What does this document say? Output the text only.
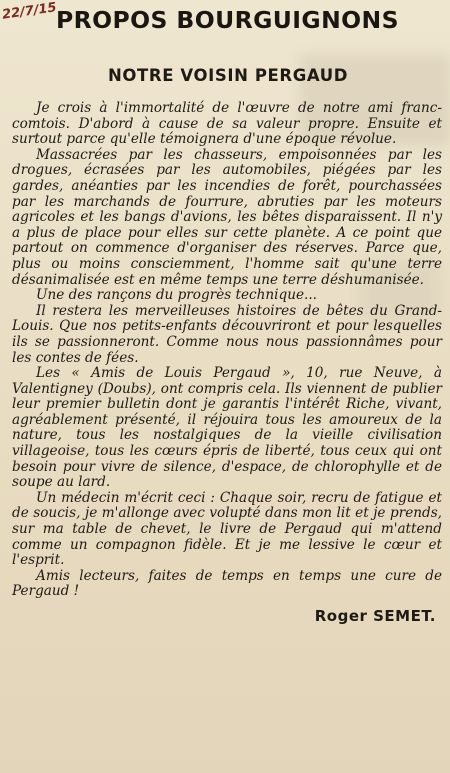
22/7/15
PROPOS BOURGUIGNONS
NOTRE VOISIN PERGAUD

Je crois à l'immortalité de l'œuvre de notre ami franc-comtois. D'abord à cause de sa valeur propre. Ensuite et surtout parce qu'elle témoignera d'une époque révolue.

Massacrées par les chasseurs, empoisonnées par les drogues, écrasées par les automobiles, piégées par les gardes, anéanties par les incendies de forêt, pourchassées par les marchands de fourrure, abruties par les moteurs agricoles et les bangs d'avions, les bêtes disparaissent. Il n'y a plus de place pour elles sur cette planète. A ce point que partout on commence d'organiser des réserves. Parce que, plus ou moins consciemment, l'homme sait qu'une terre désanimalisée est en même temps une terre déshumanisée.

Une des rançons du progrès technique...

Il restera les merveilleuses histoires de bêtes du Grand-Louis. Que nos petits-enfants découvriront et pour lesquelles ils se passionneront. Comme nous nous passionnâmes pour les contes de fées.

Les « Amis de Louis Pergaud », 10, rue Neuve, à Valentigney (Doubs), ont compris cela. Ils viennent de publier leur premier bulletin dont je garantis l'intérêt Riche, vivant, agréablement présenté, il réjouira tous les amoureux de la nature, tous les nostalgiques de la vieille civilisation villageoise, tous les cœurs épris de liberté, tous ceux qui ont besoin pour vivre de silence, d'espace, de chlorophylle et de soupe au lard.

Un médecin m'écrit ceci : Chaque soir, recru de fatigue et de soucis, je m'allonge avec volupté dans mon lit et je prends, sur ma table de chevet, le livre de Pergaud qui m'attend comme un compagnon fidèle. Et je me lessive le cœur et l'esprit.

Amis lecteurs, faites de temps en temps une cure de Pergaud !

Roger SEMET.
